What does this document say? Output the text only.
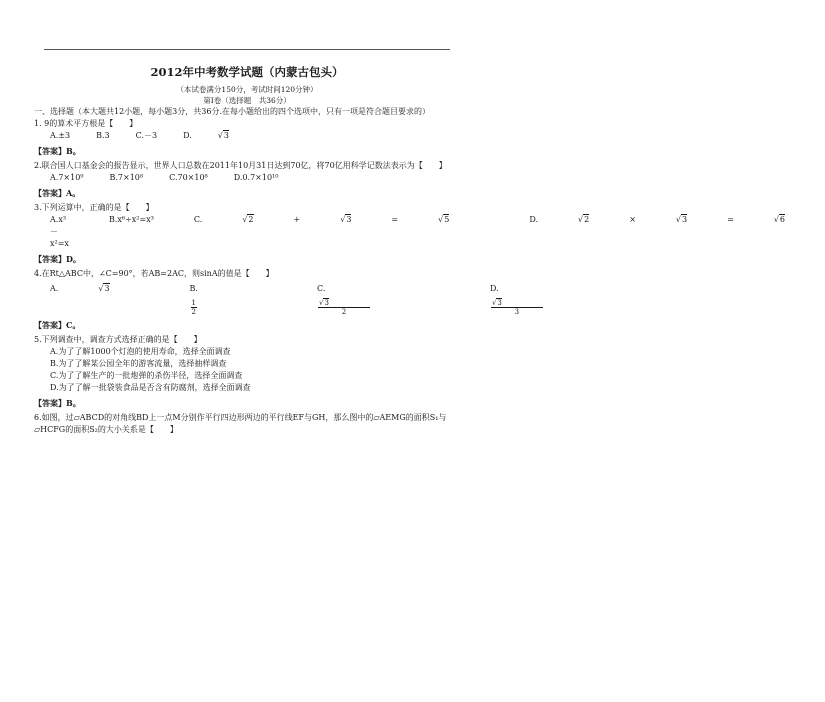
2012年中考数学试题（内蒙古包头）
（本试卷满分150分，考试时间120分钟）
第I卷（选择题　共36分）
一、选择题（本大题共12小题，每小题3分，共36分.在每小题给出的四个选项中，只有一项是符合题目要求的）
1. 9的算术平方根是【　　】
A.±3	B.3	C.－3	D.	√3
【答案】B。
2.联合国人口基金会的报告显示，世界人口总数在2011年10月31日达到70亿，将70亿用科学记数法表示为【　　】
A.7×10⁹	B.7×10⁸	C.70×10⁸	D.0.7×10¹⁰
【答案】A。
3.下列运算中，正确的是【　　】
A.x³－x²=x
B.x⁶÷x²=x³	C.	√2	+	√3	=	√5	D.	√2	×	√3	=	√6
【答案】D。
4.在Rt△ABC中，∠C=90°，若AB=2AC，则sinA的值是【　　】
A.	√3	B.
$\frac{1}{2}$
C.
$\frac{√3}{2}$
D.
$\frac{√3}{3}$
【答案】C。
5.下列调查中，调查方式选择正确的是【　　】
A.为了了解1000个灯泡的使用寿命，选择全面调查
B.为了了解某公园全年的游客流量，选择抽样调查
C.为了了解生产的一批炮弹的杀伤半径，选择全面调查
D.为了了解一批袋装食品是否含有防腐剂，选择全面调查
【答案】B。
6.如图，过▱ABCD的对角线BD上一点M分别作平行四边形两边的平行线EF与GH，那么图中的▱AEMG的面积S₁与▱HCFG的面积S₂的大小关系是【　　】
